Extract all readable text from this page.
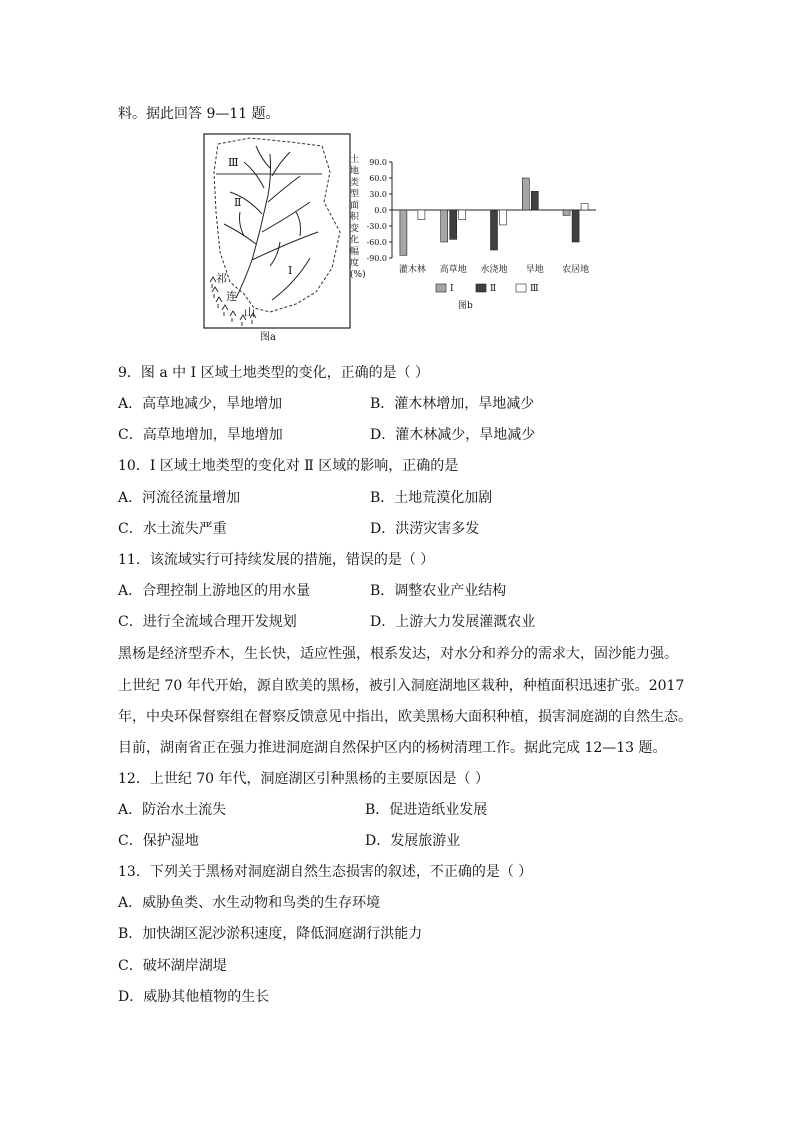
料。据此回答 9—11 题。
Ⅲ
Ⅱ
Ⅰ
祁
连
山
图a
土
地
类
型
面
积
变
化
幅
度
(%)
90.0
60.0
30.0
0.0
-30.0
-60.0
-90.0
灌木林 高草地 水浇地 旱地 农居地
Ⅰ	Ⅱ	Ⅲ
图b
9．图 a 中 Ⅰ 区域土地类型的变化，正确的是（ ）
A．高草地减少，旱地增加	B．灌木林增加，旱地减少
C．高草地增加，旱地增加	D．灌木林减少，旱地减少
10．Ⅰ 区域土地类型的变化对 Ⅱ 区域的影响，正确的是
A．河流径流量增加	B．土地荒漠化加剧
C．水土流失严重	D．洪涝灾害多发
11．该流域实行可持续发展的措施，错误的是（ ）
A．合理控制上游地区的用水量	B．调整农业产业结构
C．进行全流域合理开发规划	D．上游大力发展灌溉农业
黑杨是经济型乔木，生长快，适应性强，根系发达，对水分和养分的需求大，固沙能力强。
上世纪 70 年代开始，源自欧美的黑杨，被引入洞庭湖地区栽种，种植面积迅速扩张。2017
年，中央环保督察组在督察反馈意见中指出，欧美黑杨大面积种植，损害洞庭湖的自然生态。
目前，湖南省正在强力推进洞庭湖自然保护区内的杨树清理工作。据此完成 12—13 题。
12．上世纪 70 年代，洞庭湖区引种黑杨的主要原因是（ ）
A．防治水土流失	B．促进造纸业发展
C．保护湿地	D．发展旅游业
13．下列关于黑杨对洞庭湖自然生态损害的叙述，不正确的是（ ）
A．威胁鱼类、水生动物和鸟类的生存环境
B．加快湖区泥沙淤积速度，降低洞庭湖行洪能力
C．破坏湖岸湖堤
D．威胁其他植物的生长
